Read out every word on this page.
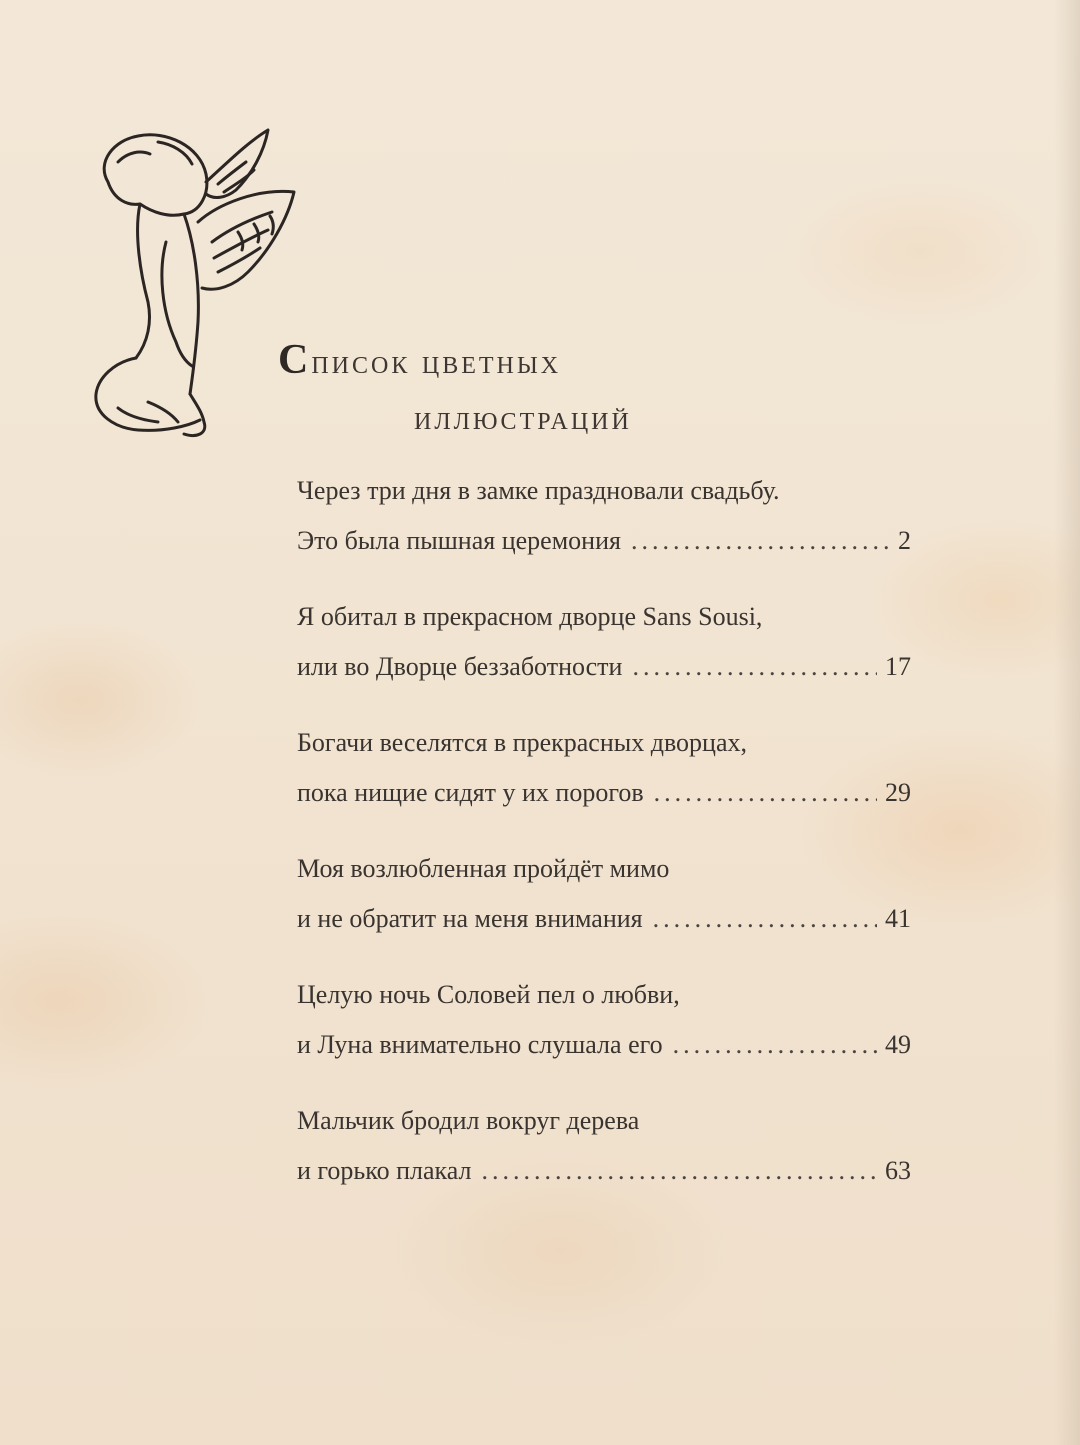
Список цветных
иллюстраций
Через три дня в замке праздновали свадьбу.
Это была пышная церемония .....	2
Я обитал в прекрасном дворце Sans Sousi,
или во Дворце беззаботности .....	17
Богачи веселятся в прекрасных дворцах,
пока нищие сидят у их порогов .....	29
Моя возлюбленная пройдёт мимо
и не обратит на меня внимания .....	41
Целую ночь Соловей пел о любви,
и Луна внимательно слушала его .....	49
Мальчик бродил вокруг дерева
и горько плакал .....	63
